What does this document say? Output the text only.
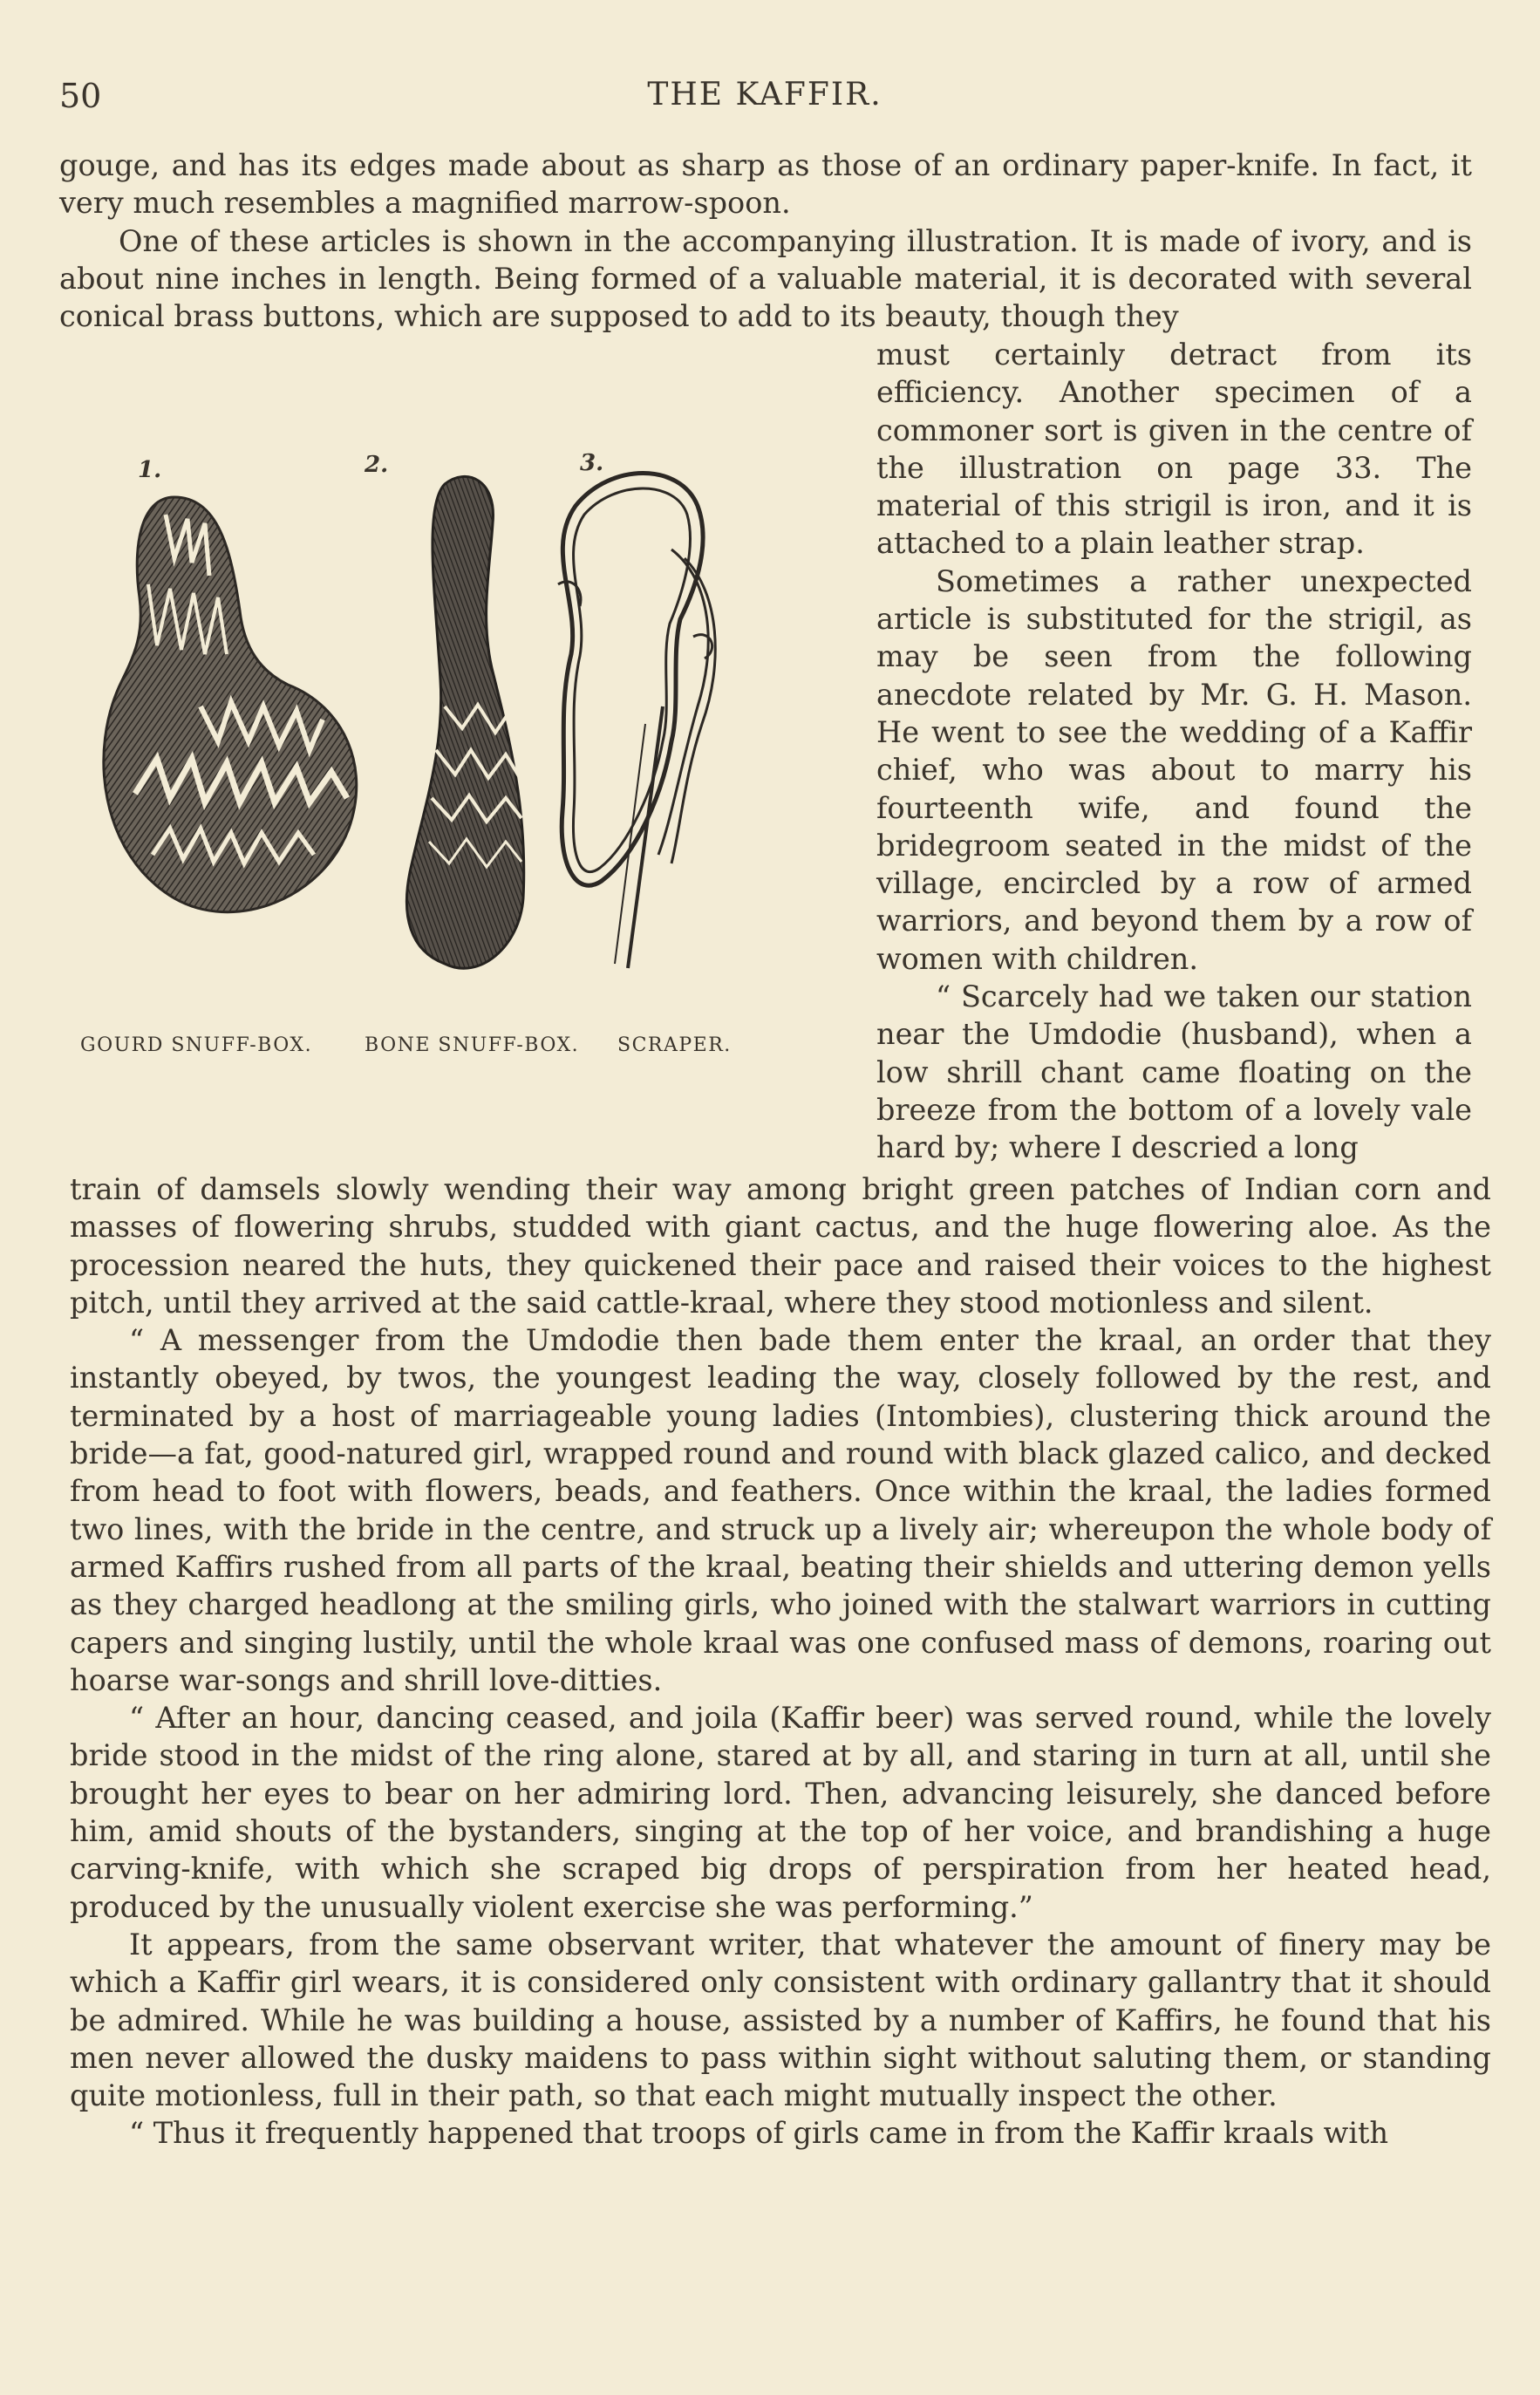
50	THE KAFFIR.

gouge, and has its edges made about as sharp as those of an ordinary paper-knife. In fact, it very much resembles a magnified marrow-spoon.

One of these articles is shown in the accompanying illustration. It is made of ivory, and is about nine inches in length. Being formed of a valuable material, it is decorated with several conical brass buttons, which are supposed to add to its beauty, though they

1.	2.	3.
GOURD SNUFF-BOX.	BONE SNUFF-BOX. SCRAPER.

must certainly detract from its efficiency. Another specimen of a commoner sort is given in the centre of the illustration on page 33. The material of this strigil is iron, and it is attached to a plain leather strap.

Sometimes a rather unexpected article is substituted for the strigil, as may be seen from the following anecdote related by Mr. G. H. Mason. He went to see the wedding of a Kaffir chief, who was about to marry his fourteenth wife, and found the bridegroom seated in the midst of the village, encircled by a row of armed warriors, and beyond them by a row of women with children.

“ Scarcely had we taken our station near the Umdodie (husband), when a low shrill chant came floating on the breeze from the bottom of a lovely vale hard by; where I descried a long

train of damsels slowly wending their way among bright green patches of Indian corn and masses of flowering shrubs, studded with giant cactus, and the huge flowering aloe. As the procession neared the huts, they quickened their pace and raised their voices to the highest pitch, until they arrived at the said cattle-kraal, where they stood motionless and silent.

“ A messenger from the Umdodie then bade them enter the kraal, an order that they instantly obeyed, by twos, the youngest leading the way, closely followed by the rest, and terminated by a host of marriageable young ladies (Intombies), clustering thick around the bride—a fat, good-natured girl, wrapped round and round with black glazed calico, and decked from head to foot with flowers, beads, and feathers. Once within the kraal, the ladies formed two lines, with the bride in the centre, and struck up a lively air; whereupon the whole body of armed Kaffirs rushed from all parts of the kraal, beating their shields and uttering demon yells as they charged headlong at the smiling girls, who joined with the stalwart warriors in cutting capers and singing lustily, until the whole kraal was one confused mass of demons, roaring out hoarse war-songs and shrill love-ditties.

“ After an hour, dancing ceased, and joila (Kaffir beer) was served round, while the lovely bride stood in the midst of the ring alone, stared at by all, and staring in turn at all, until she brought her eyes to bear on her admiring lord. Then, advancing leisurely, she danced before him, amid shouts of the bystanders, singing at the top of her voice, and brandishing a huge carving-knife, with which she scraped big drops of perspiration from her heated head, produced by the unusually violent exercise she was performing.”

It appears, from the same observant writer, that whatever the amount of finery may be which a Kaffir girl wears, it is considered only consistent with ordinary gallantry that it should be admired. While he was building a house, assisted by a number of Kaffirs, he found that his men never allowed the dusky maidens to pass within sight without saluting them, or standing quite motionless, full in their path, so that each might mutually inspect the other.

“ Thus it frequently happened that troops of girls came in from the Kaffir kraals with
